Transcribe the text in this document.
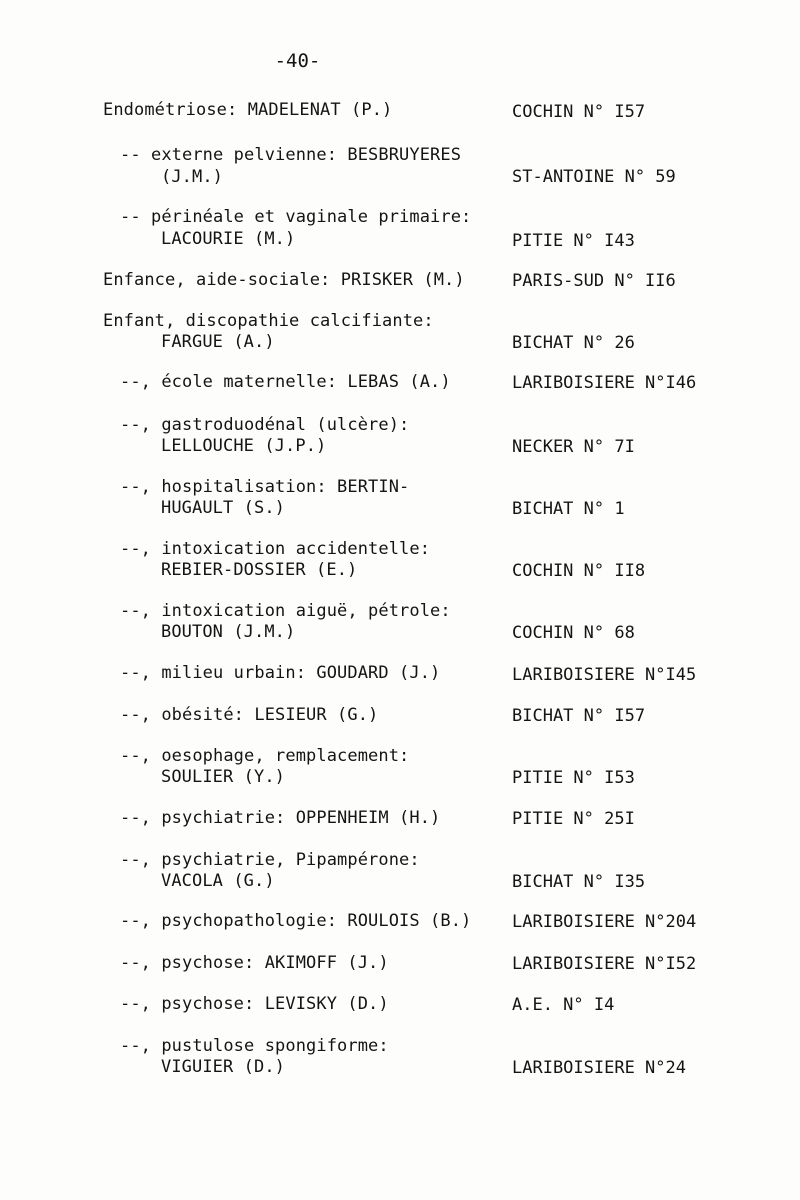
-40-
Endométriose: MADELENAT (P.)	COCHIN N° I57
-- externe pelvienne: BESBRUYERES
(J.M.)	ST-ANTOINE N° 59
-- périnéale et vaginale primaire:
LACOURIE (M.)	PITIE N° I43
Enfance, aide-sociale: PRISKER (M.)	PARIS-SUD N° II6
Enfant, discopathie calcifiante:
FARGUE (A.)	BICHAT N° 26
--, école maternelle: LEBAS (A.)	LARIBOISIERE N°I46
--, gastroduodénal (ulcère):
LELLOUCHE (J.P.)	NECKER N° 7I
--, hospitalisation: BERTIN-
HUGAULT (S.)	BICHAT N° 1
--, intoxication accidentelle:
REBIER-DOSSIER (E.)	COCHIN N° II8
--, intoxication aiguë, pétrole:
BOUTON (J.M.)	COCHIN N° 68
--, milieu urbain: GOUDARD (J.)	LARIBOISIERE N°I45
--, obésité: LESIEUR (G.)	BICHAT N° I57
--, oesophage, remplacement:
SOULIER (Y.)	PITIE N° I53
--, psychiatrie: OPPENHEIM (H.)	PITIE N° 25I
--, psychiatrie, Pipampérone:
VACOLA (G.)	BICHAT N° I35
--, psychopathologie: ROULOIS (B.) LARIBOISIERE N°204
--, psychose: AKIMOFF (J.)	LARIBOISIERE N°I52
--, psychose: LEVISKY (D.)	A.E. N° I4
--, pustulose spongiforme:
VIGUIER (D.)	LARIBOISIERE N°24
